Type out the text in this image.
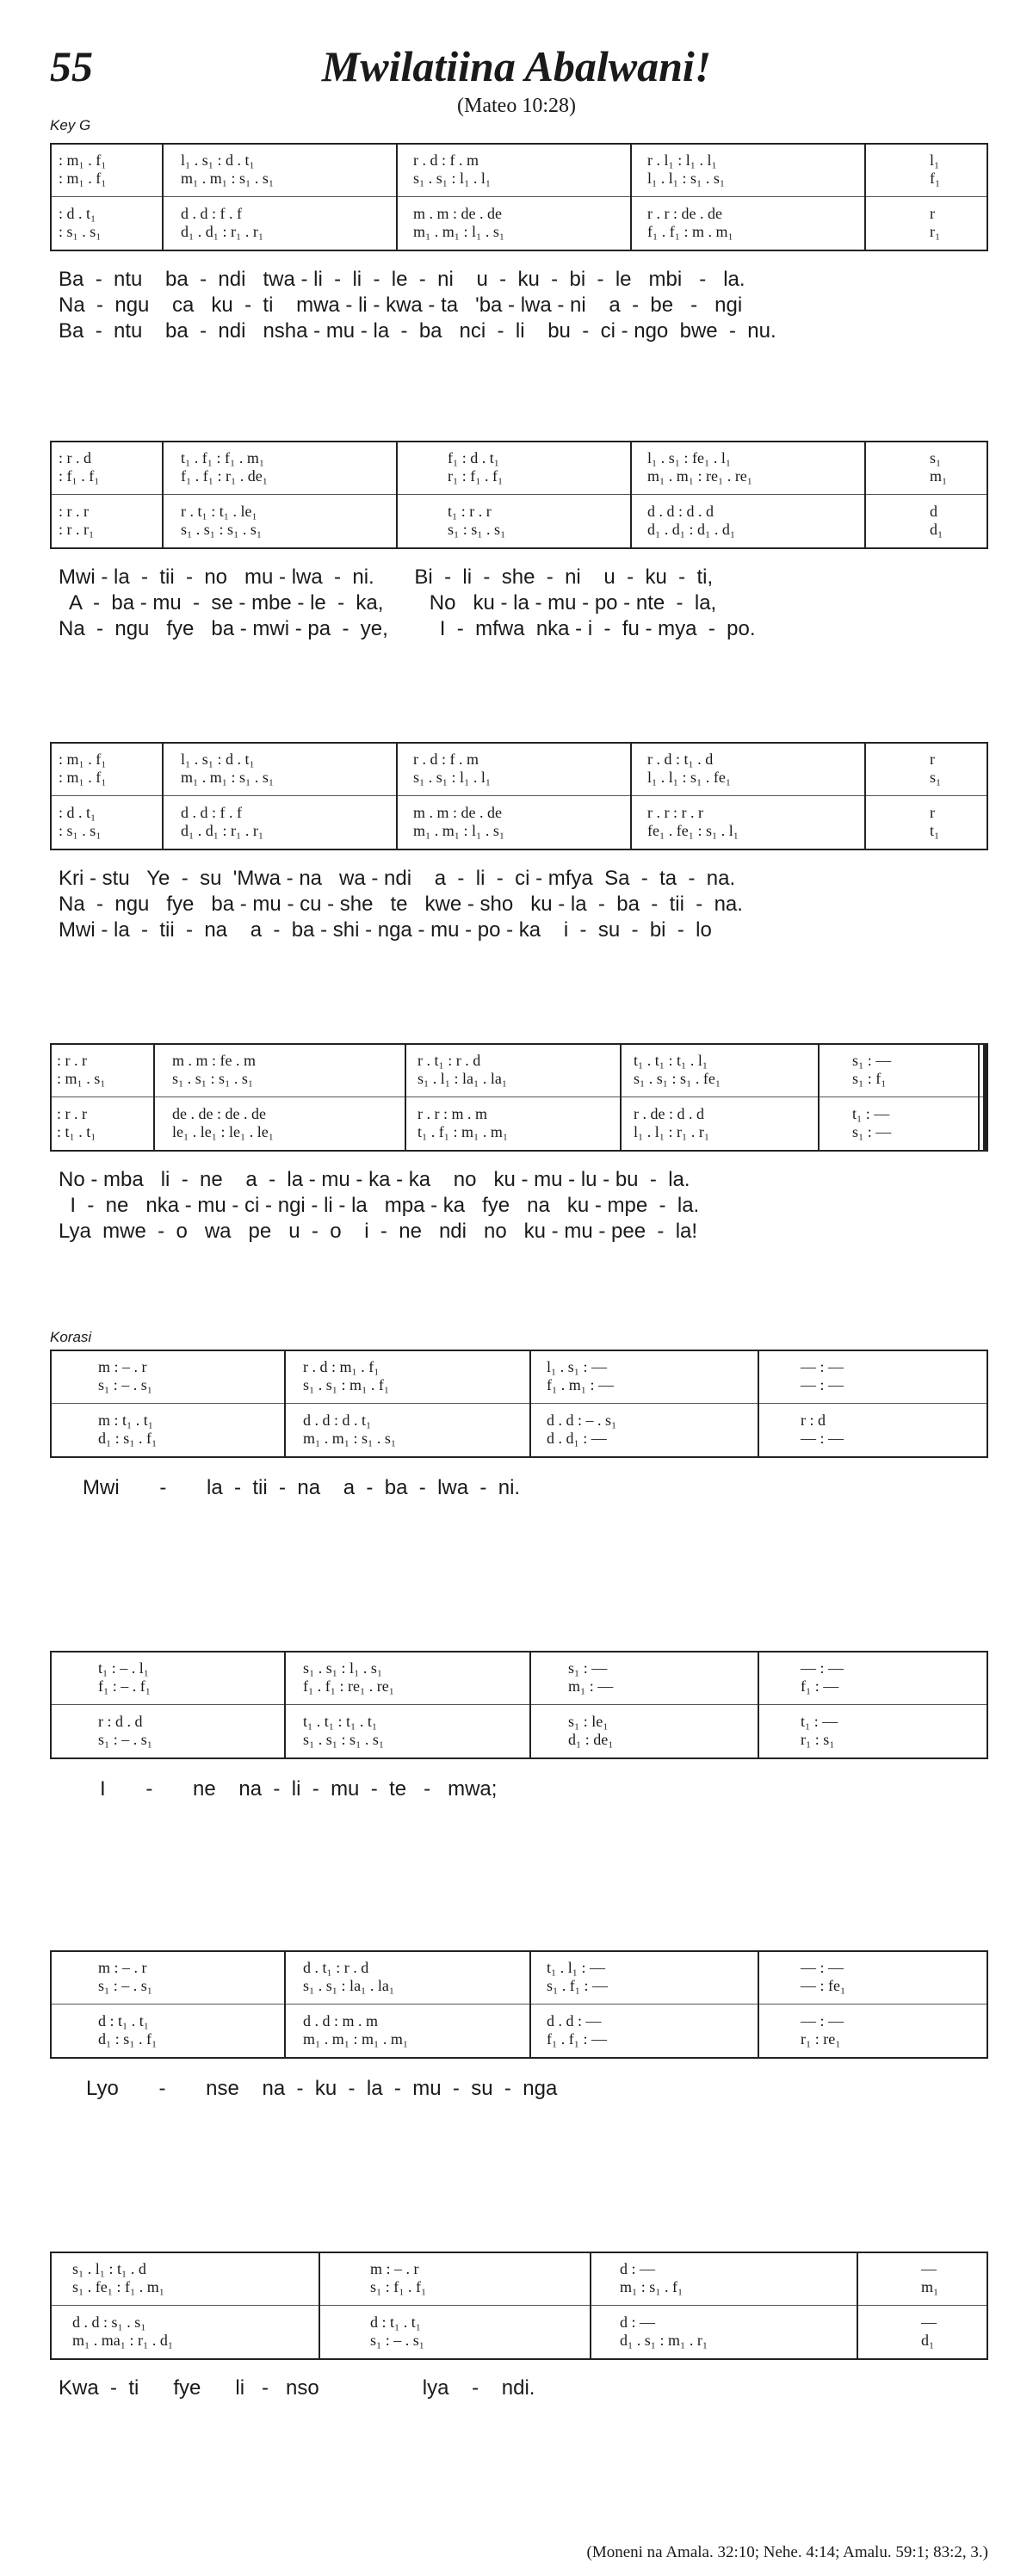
55	Mwilatiina Abalwani!
(Mateo 10:28)
Key G
Korasi
: m₁ . f₁
: m₁ . f₁
: d . t₁
: s₁ . s₁
l₁ . s₁ : d . t₁
m₁ . m₁ : s₁ . s₁
d . d : f . f
d₁ . d₁ : r₁ . r₁
r . d : f . m
s₁ . s₁ : l₁ . l₁
m . m : de . de
m₁ . m₁ : l₁ . s₁
r . l₁ : l₁ . l₁
l₁ . l₁ : s₁ . s₁
r . r : de . de
f₁ . f₁ : m . m₁
l₁
f₁
r
r₁
Ba  -  ntu    ba  -  ndi   twa - li  -  li  -  le  -  ni    u  -  ku  -  bi  -  le   mbi   -   la.
Na  -  ngu    ca   ku  -  ti    mwa - li - kwa - ta   'ba - lwa - ni    a  -  be   -   ngi
Ba  -  ntu    ba  -  ndi   nsha - mu - la  -  ba   nci  -  li    bu  -  ci - ngo  bwe  -  nu.
: r . d
: f₁ . f₁
: r . r
: r . r₁
t₁ . f₁ : f₁ . m₁
f₁ . f₁ : r₁ . de₁
r . t₁ : t₁ . le₁
s₁ . s₁ : s₁ . s₁
f₁ : d . t₁
r₁ : f₁ . f₁
t₁ : r . r
s₁ : s₁ . s₁
l₁ . s₁ : fe₁ . l₁
m₁ . m₁ : re₁ . re₁
d . d : d . d
d₁ . d₁ : d₁ . d₁
s₁
m₁
d
d₁
Mwi - la  -  tii  -  no   mu - lwa  -  ni.       Bi  -  li  -  she  -  ni    u  -  ku  -  ti,
A  -  ba - mu  -  se - mbe - le  -  ka,        No   ku - la - mu - po - nte  -  la,
Na  -  ngu   fye   ba - mwi - pa  -  ye,         I  -  mfwa  nka - i  -  fu - mya  -  po.
: m₁ . f₁
: m₁ . f₁
: d . t₁
: s₁ . s₁
l₁ . s₁ : d . t₁
m₁ . m₁ : s₁ . s₁
d . d : f . f
d₁ . d₁ : r₁ . r₁
r . d : f . m
s₁ . s₁ : l₁ . l₁
m . m : de . de
m₁ . m₁ : l₁ . s₁
r . d : t₁ . d
l₁ . l₁ : s₁ . fe₁
r . r : r . r
fe₁ . fe₁ : s₁ . l₁
r
s₁
r
t₁
Kri - stu   Ye  -  su  'Mwa - na   wa - ndi    a  -  li  -  ci - mfya  Sa  -  ta  -  na.
Na  -  ngu   fye   ba - mu - cu - she   te   kwe - sho   ku - la  -  ba  -  tii  -  na.
Mwi - la  -  tii  -  na    a  -  ba - shi - nga - mu - po - ka    i  -  su  -  bi  -  lo
: r . r
: m₁ . s₁
: r . r
: t₁ . t₁
m . m : fe . m
s₁ . s₁ : s₁ . s₁
de . de : de . de
le₁ . le₁ : le₁ . le₁
r . t₁ : r . d
s₁ . l₁ : la₁ . la₁
r . r : m . m
t₁ . f₁ : m₁ . m₁
t₁ . t₁ : t₁ . l₁
s₁ . s₁ : s₁ . fe₁
r . de : d . d
l₁ . l₁ : r₁ . r₁
s₁ : —
s₁ : f₁
t₁ : —
s₁ : —
No - mba   li  -  ne    a  -  la - mu - ka - ka    no   ku - mu - lu - bu  -  la.
I  -  ne   nka - mu - ci - ngi - li - la   mpa - ka   fye   na   ku - mpe  -  la.
Lya  mwe  -  o   wa   pe   u  -  o    i  -  ne   ndi   no   ku - mu - pee  -  la!
m : – . r
s₁ : – . s₁
m : t₁ . t₁
d₁ : s₁ . f₁
r . d : m₁ . f₁
s₁ . s₁ : m₁ . f₁
d . d : d . t₁
m₁ . m₁ : s₁ . s₁
l₁ . s₁ : —
f₁ . m₁ : —
d . d : – . s₁
d . d₁ : —
— : —
— : —
r : d
— : —
Mwi       -       la  -  tii  -  na    a  -  ba  -  lwa  -  ni.
t₁ : – . l₁
f₁ : – . f₁
r : d . d
s₁ : – . s₁
s₁ . s₁ : l₁ . s₁
f₁ . f₁ : re₁ . re₁
t₁ . t₁ : t₁ . t₁
s₁ . s₁ : s₁ . s₁
s₁ : —
m₁ : —
s₁ : le₁
d₁ : de₁
— : —
f₁ : —
t₁ : —
r₁ : s₁
I       -       ne    na  -  li  -  mu  -  te   -   mwa;
m : – . r
s₁ : – . s₁
d : t₁ . t₁
d₁ : s₁ . f₁
d . t₁ : r . d
s₁ . s₁ : la₁ . la₁
d . d : m . m
m₁ . m₁ : m₁ . m₁
t₁ . l₁ : —
s₁ . f₁ : —
d . d : —
f₁ . f₁ : —
— : —
— : fe₁
— : —
r₁ : re₁
Lyo       -       nse    na  -  ku  -  la  -  mu  -  su  -  nga
s₁ . l₁ : t₁ . d
s₁ . fe₁ : f₁ . m₁
d . d : s₁ . s₁
m₁ . ma₁ : r₁ . d₁
m : – . r
s₁ : f₁ . f₁
d : t₁ . t₁
s₁ : – . s₁
d : —
m₁ : s₁ . f₁
d : —
d₁ . s₁ : m₁ . r₁
—
m₁
—
d₁
Kwa  -  ti      fye      li   -   nso                  lya    -    ndi.
(Moneni na Amala. 32:10; Nehe. 4:14; Amalu. 59:1; 83:2, 3.)
